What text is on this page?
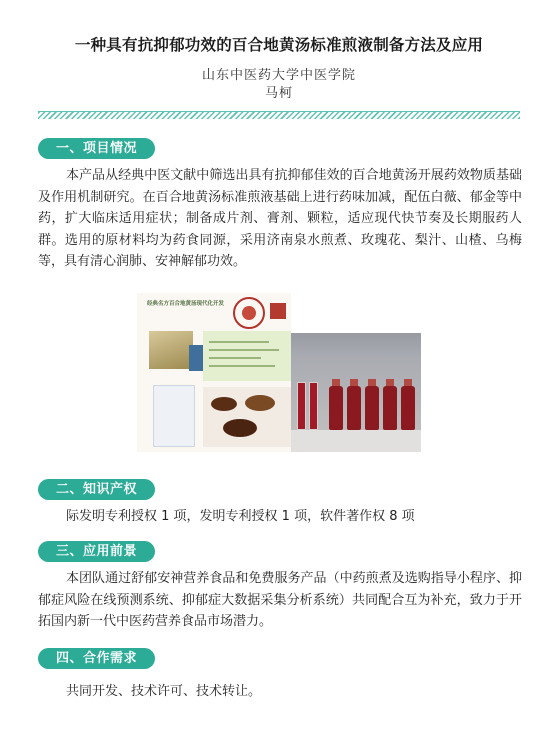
一种具有抗抑郁功效的百合地黄汤标准煎液制备方法及应用
山东中医药大学中医学院
马柯
一、项目情况
本产品从经典中医文献中筛选出具有抗抑郁佳效的百合地黄汤开展药效物质基础及作用机制研究。在百合地黄汤标准煎液基础上进行药味加减，配伍白薇、郁金等中药，扩大临床适用症状；制备成片剂、膏剂、颗粒，适应现代快节奏及长期服药人群。选用的原材料均为药食同源，采用济南泉水煎煮、玫瑰花、梨汁、山楂、乌梅等，具有清心润肺、安神解郁功效。
经典名方百合地黄汤现代化开发
二、知识产权
际发明专利授权 1 项，发明专利授权 1 项，软件著作权 8 项
三、应用前景
本团队通过舒郁安神营养食品和免费服务产品（中药煎煮及选购指导小程序、抑郁症风险在线预测系统、抑郁症大数据采集分析系统）共同配合互为补充，致力于开拓国内新一代中医药营养食品市场潜力。
四、合作需求
共同开发、技术许可、技术转让。
